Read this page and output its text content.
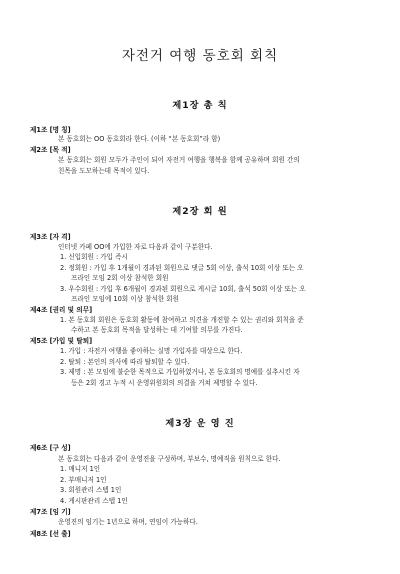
자전거 여행 동호회 회칙
제1장 총 칙
제1조 [명 칭]
본 동호회는 OO 동호회라 한다. (이하 “본 동호회”라 함)
제2조 [목 적]
본 동호회는 회원 모두가 주인이 되어 자전거 여행을 행복을 함께 공유하며 회원 간의
친목을 도모하는데 목적이 있다.
제2장 회 원
제3조 [자 격]
인터넷 카페 OO에 가입한 자로 다음과 같이 구분한다.
1. 신입회원 : 가입 즉시
2. 정회원 : 가입 후 1개월이 경과된 회원으로 댓글 5회 이상, 출석 10회 이상 또는 오
프라인 모임 2회 이상 참석한 회원
3. 우수회원 : 가입 후 6개월이 경과된 회원으로 게시글 10회, 출석 50회 이상 또는 오
프라인 모임에 10회 이상 참석한 회원
제4조 [권리 및 의무]
1. 본 동호회 회원은 동호회 활동에 참여하고 의견을 개진할 수 있는 권리와 회칙을 준
수하고 본 동호회 목적을 달성하는 데 기여할 의무를 가진다.
제5조 [가입 및 탈퇴]
1. 가입 : 자전거 여행을 좋아하는 실명 가입자를 대상으로 한다.
2. 탈퇴 : 본인의 의사에 따라 탈퇴할 수 있다.
3. 제명 : 본 모임에 불순한 목적으로 가입하였거나, 본 동호회의 명예를 실추시킨 자
등은 2회 경고 누적 시 운영위원회의 의결을 거쳐 제명할 수 있다.
제3장 운 영 진
제6조 [구 성]
본 동호회는 다음과 같이 운영진을 구성하며, 부보수, 명예직을 원칙으로 한다.
1. 매니저 1인
2. 부매니저 1인
3. 회원관리 스텝 1인
4. 게시판관리 스텝 1인
제7조 [임 기]
운영진의 임기는 1년으로 하며, 연임이 가능하다.
제8조 [선 출]
